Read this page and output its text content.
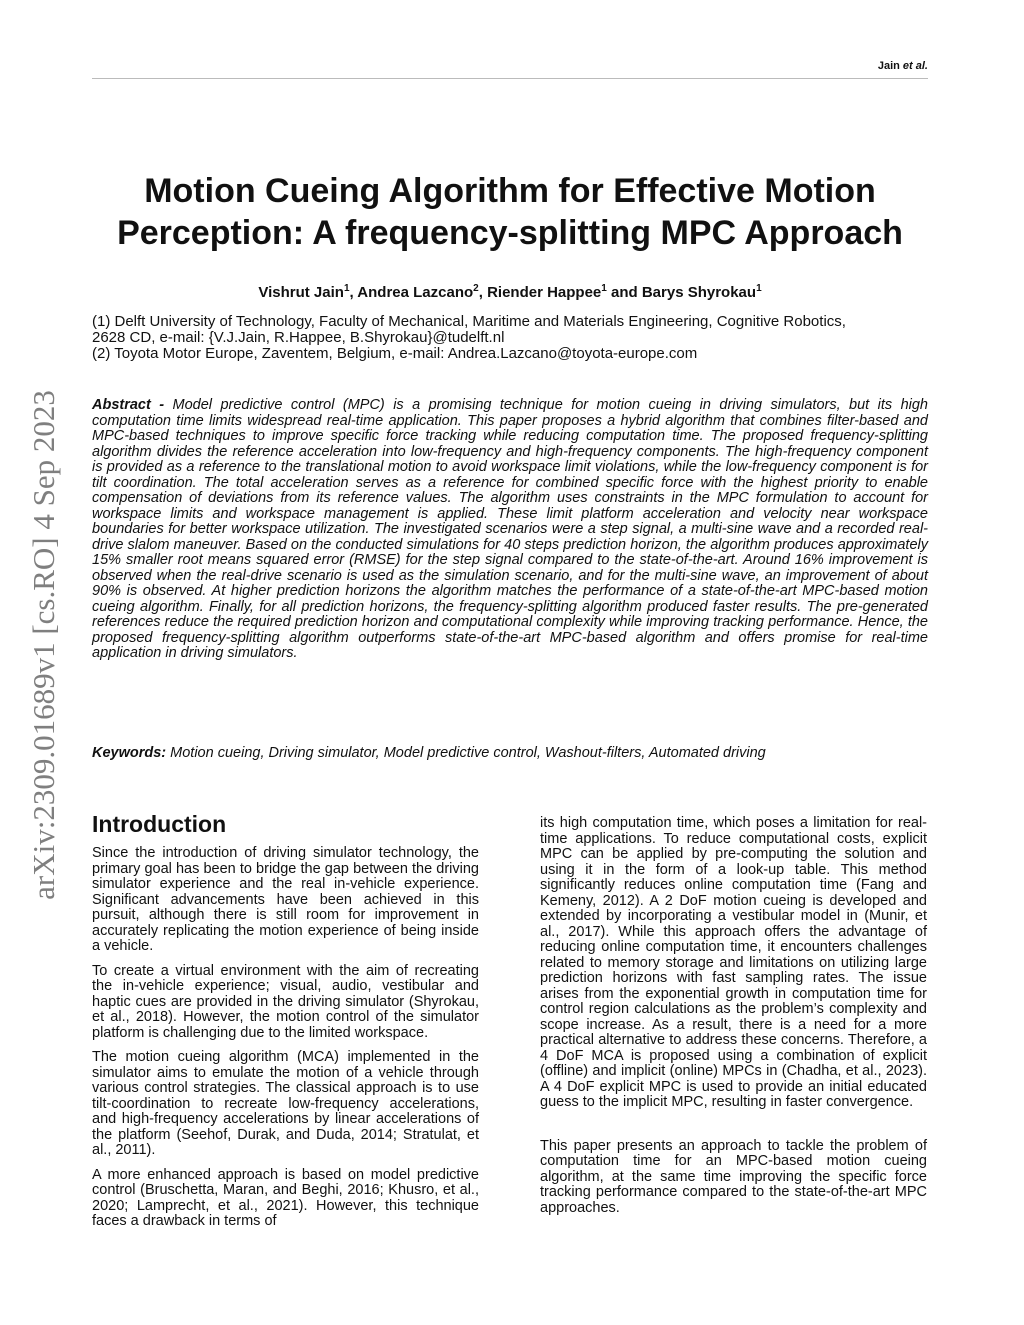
Jain et al.
arXiv:2309.01689v1 [cs.RO] 4 Sep 2023
Motion Cueing Algorithm for Effective Motion
Perception: A frequency-splitting MPC Approach
Vishrut Jain$^1$, Andrea Lazcano$^2$, Riender Happee$^1$ and Barys Shyrokau$^1$
(1) Delft University of Technology, Faculty of Mechanical, Maritime and Materials Engineering, Cognitive Robotics,
2628 CD, e-mail: {V.J.Jain, R.Happee, B.Shyrokau}@tudelft.nl
(2) Toyota Motor Europe, Zaventem, Belgium, e-mail: Andrea.Lazcano@toyota-europe.com

Abstract - Model predictive control (MPC) is a promising technique for motion cueing in driving simulators, but its high computation time limits widespread real-time application. This paper proposes a hybrid algorithm that combines filter-based and MPC-based techniques to improve specific force tracking while reducing computation time. The proposed frequency-splitting algorithm divides the reference acceleration into low-frequency and high-frequency components. The high-frequency component is provided as a reference to the translational motion to avoid workspace limit violations, while the low-frequency component is for tilt coordination. The total acceleration serves as a reference for combined specific force with the highest priority to enable compensation of deviations from its reference values. The algorithm uses constraints in the MPC formulation to account for workspace limits and workspace management is applied. These limit platform acceleration and velocity near workspace boundaries for better workspace utilization. The investigated scenarios were a step signal, a multi-sine wave and a recorded real-drive slalom maneuver. Based on the conducted simulations for 40 steps prediction horizon, the algorithm produces approximately 15% smaller root means squared error (RMSE) for the step signal compared to the state-of-the-art. Around 16% improvement is observed when the real-drive scenario is used as the simulation scenario, and for the multi-sine wave, an improvement of about 90% is observed. At higher prediction horizons the algorithm matches the performance of a state-of-the-art MPC-based motion cueing algorithm. Finally, for all prediction horizons, the frequency-splitting algorithm produced faster results. The pre-generated references reduce the required prediction horizon and computational complexity while improving tracking performance. Hence, the proposed frequency-splitting algorithm outperforms state-of-the-art MPC-based algorithm and offers promise for real-time application in driving simulators.

Keywords: Motion cueing, Driving simulator, Model predictive control, Washout-filters, Automated driving
Introduction

Since the introduction of driving simulator technology, the primary goal has been to bridge the gap between the driving simulator experience and the real in-vehicle experience. Significant advancements have been achieved in this pursuit, although there is still room for improvement in accurately replicating the motion experience of being inside a vehicle.

To create a virtual environment with the aim of recreating the in-vehicle experience; visual, audio, vestibular and haptic cues are provided in the driving simulator (Shyrokau, et al., 2018). However, the motion control of the simulator platform is challenging due to the limited workspace.

The motion cueing algorithm (MCA) implemented in the simulator aims to emulate the motion of a vehicle through various control strategies. The classical approach is to use tilt-coordination to recreate low-frequency accelerations, and high-frequency accelerations by linear accelerations of the platform (Seehof, Durak, and Duda, 2014; Stratulat, et al., 2011).

A more enhanced approach is based on model predictive control (Bruschetta, Maran, and Beghi, 2016; Khusro, et al., 2020; Lamprecht, et al., 2021). However, this technique faces a drawback in terms of

its high computation time, which poses a limitation for real-time applications. To reduce computational costs, explicit MPC can be applied by pre-computing the solution and using it in the form of a look-up table. This method significantly reduces online computation time (Fang and Kemeny, 2012). A 2 DoF motion cueing is developed and extended by incorporating a vestibular model in (Munir, et al., 2017). While this approach offers the advantage of reducing online computation time, it encounters challenges related to memory storage and limitations on utilizing large prediction horizons with fast sampling rates. The issue arises from the exponential growth in computation time for control region calculations as the problem’s complexity and scope increase. As a result, there is a need for a more practical alternative to address these concerns. Therefore, a 4 DoF MCA is proposed using a combination of explicit (offline) and implicit (online) MPCs in (Chadha, et al., 2023). A 4 DoF explicit MPC is used to provide an initial educated guess to the implicit MPC, resulting in faster convergence.

This paper presents an approach to tackle the problem of computation time for an MPC-based motion cueing algorithm, at the same time improving the specific force tracking performance compared to the state-of-the-art MPC approaches.
